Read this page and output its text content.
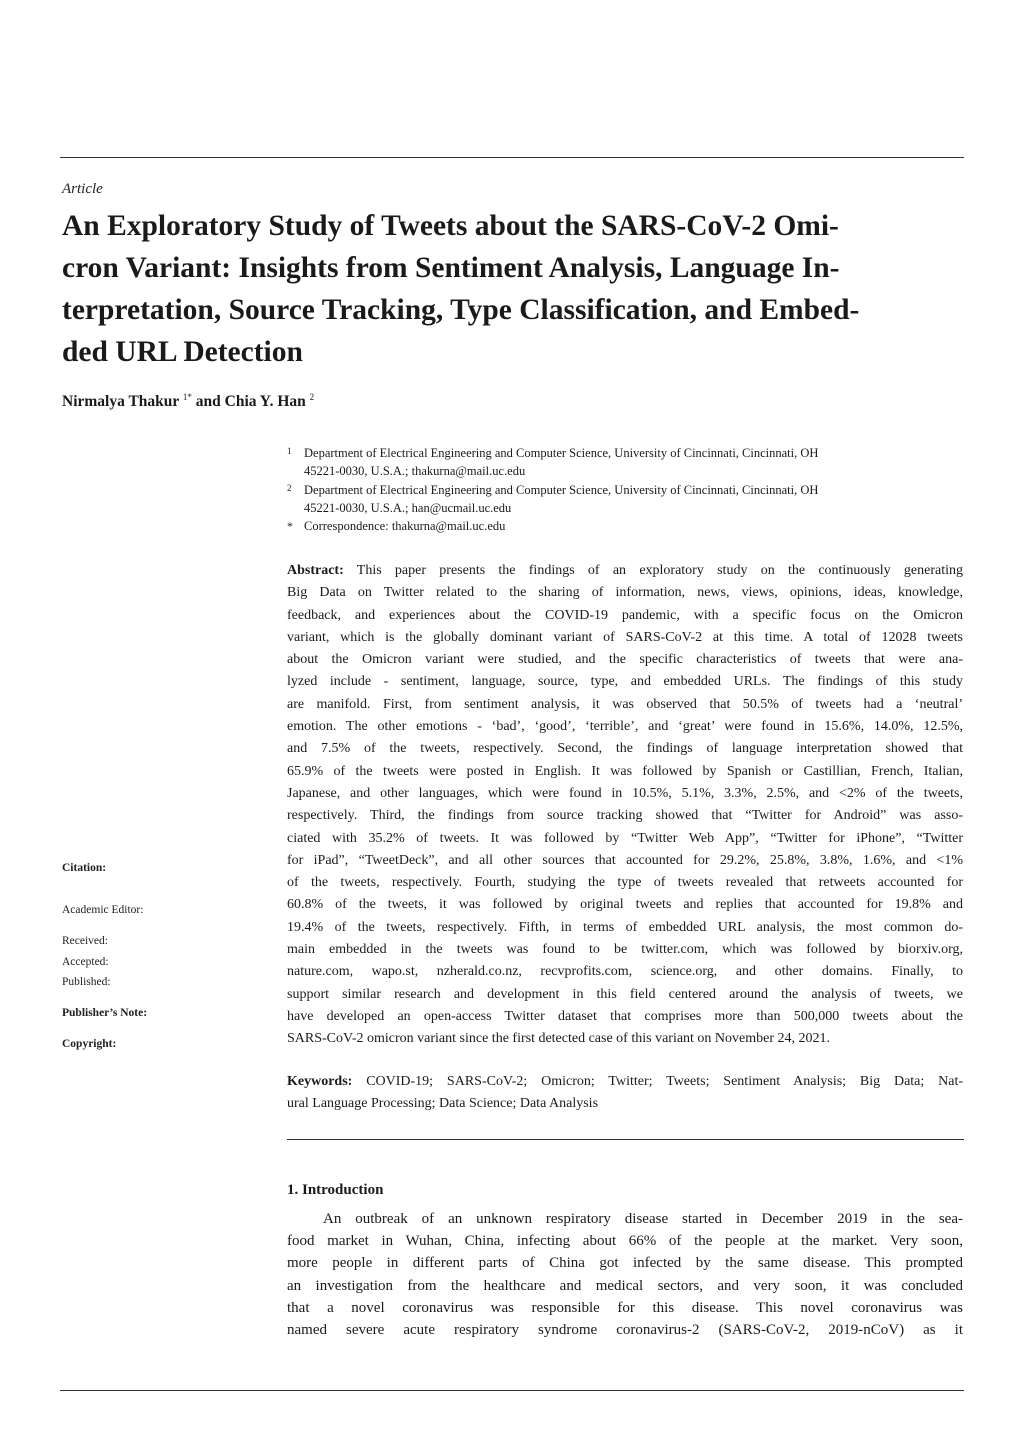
Article
An Exploratory Study of Tweets about the SARS-CoV-2 Omi-
cron Variant: Insights from Sentiment Analysis, Language In-
terpretation, Source Tracking, Type Classification, and Embed-
ded URL Detection
Nirmalya Thakur $^{1*}$ and Chia Y. Han $^2$
1 Department of Electrical Engineering and Computer Science, University of Cincinnati, Cincinnati, OH
45221-0030, U.S.A.; thakurna@mail.uc.edu
2 Department of Electrical Engineering and Computer Science, University of Cincinnati, Cincinnati, OH
45221-0030, U.S.A.; han@ucmail.uc.edu
* Correspondence: thakurna@mail.uc.edu
Abstract: This paper presents the findings of an exploratory study on the continuously generating
Big Data on Twitter related to the sharing of information, news, views, opinions, ideas, knowledge,
feedback, and experiences about the COVID-19 pandemic, with a specific focus on the Omicron
variant, which is the globally dominant variant of SARS-CoV-2 at this time. A total of 12028 tweets
about the Omicron variant were studied, and the specific characteristics of tweets that were ana-
lyzed include - sentiment, language, source, type, and embedded URLs. The findings of this study
are manifold. First, from sentiment analysis, it was observed that 50.5% of tweets had a ‘neutral’
emotion. The other emotions - ‘bad’, ‘good’, ‘terrible’, and ‘great’ were found in 15.6%, 14.0%, 12.5%,
and 7.5% of the tweets, respectively. Second, the findings of language interpretation showed that
65.9% of the tweets were posted in English. It was followed by Spanish or Castillian, French, Italian,
Japanese, and other languages, which were found in 10.5%, 5.1%, 3.3%, 2.5%, and <2% of the tweets,
respectively. Third, the findings from source tracking showed that “Twitter for Android” was asso-
ciated with 35.2% of tweets. It was followed by “Twitter Web App”, “Twitter for iPhone”, “Twitter
for iPad”, “TweetDeck”, and all other sources that accounted for 29.2%, 25.8%, 3.8%, 1.6%, and <1%
of the tweets, respectively. Fourth, studying the type of tweets revealed that retweets accounted for
60.8% of the tweets, it was followed by original tweets and replies that accounted for 19.8% and
19.4% of the tweets, respectively. Fifth, in terms of embedded URL analysis, the most common do-
main embedded in the tweets was found to be twitter.com, which was followed by biorxiv.org,
nature.com, wapo.st, nzherald.co.nz, recvprofits.com, science.org, and other domains. Finally, to
support similar research and development in this field centered around the analysis of tweets, we
have developed an open-access Twitter dataset that comprises more than 500,000 tweets about the
SARS-CoV-2 omicron variant since the first detected case of this variant on November 24, 2021.
Keywords: COVID-19; SARS-CoV-2; Omicron; Twitter; Tweets; Sentiment Analysis; Big Data; Nat-
ural Language Processing; Data Science; Data Analysis
Citation:
Academic Editor:
Received:
Accepted:
Published:
Publisher’s Note:
Copyright:
1. Introduction
An outbreak of an unknown respiratory disease started in December 2019 in the sea-
food market in Wuhan, China, infecting about 66% of the people at the market. Very soon,
more people in different parts of China got infected by the same disease. This prompted
an investigation from the healthcare and medical sectors, and very soon, it was concluded
that a novel coronavirus was responsible for this disease. This novel coronavirus was
named severe acute respiratory syndrome coronavirus-2 (SARS-CoV-2, 2019-nCoV) as it
